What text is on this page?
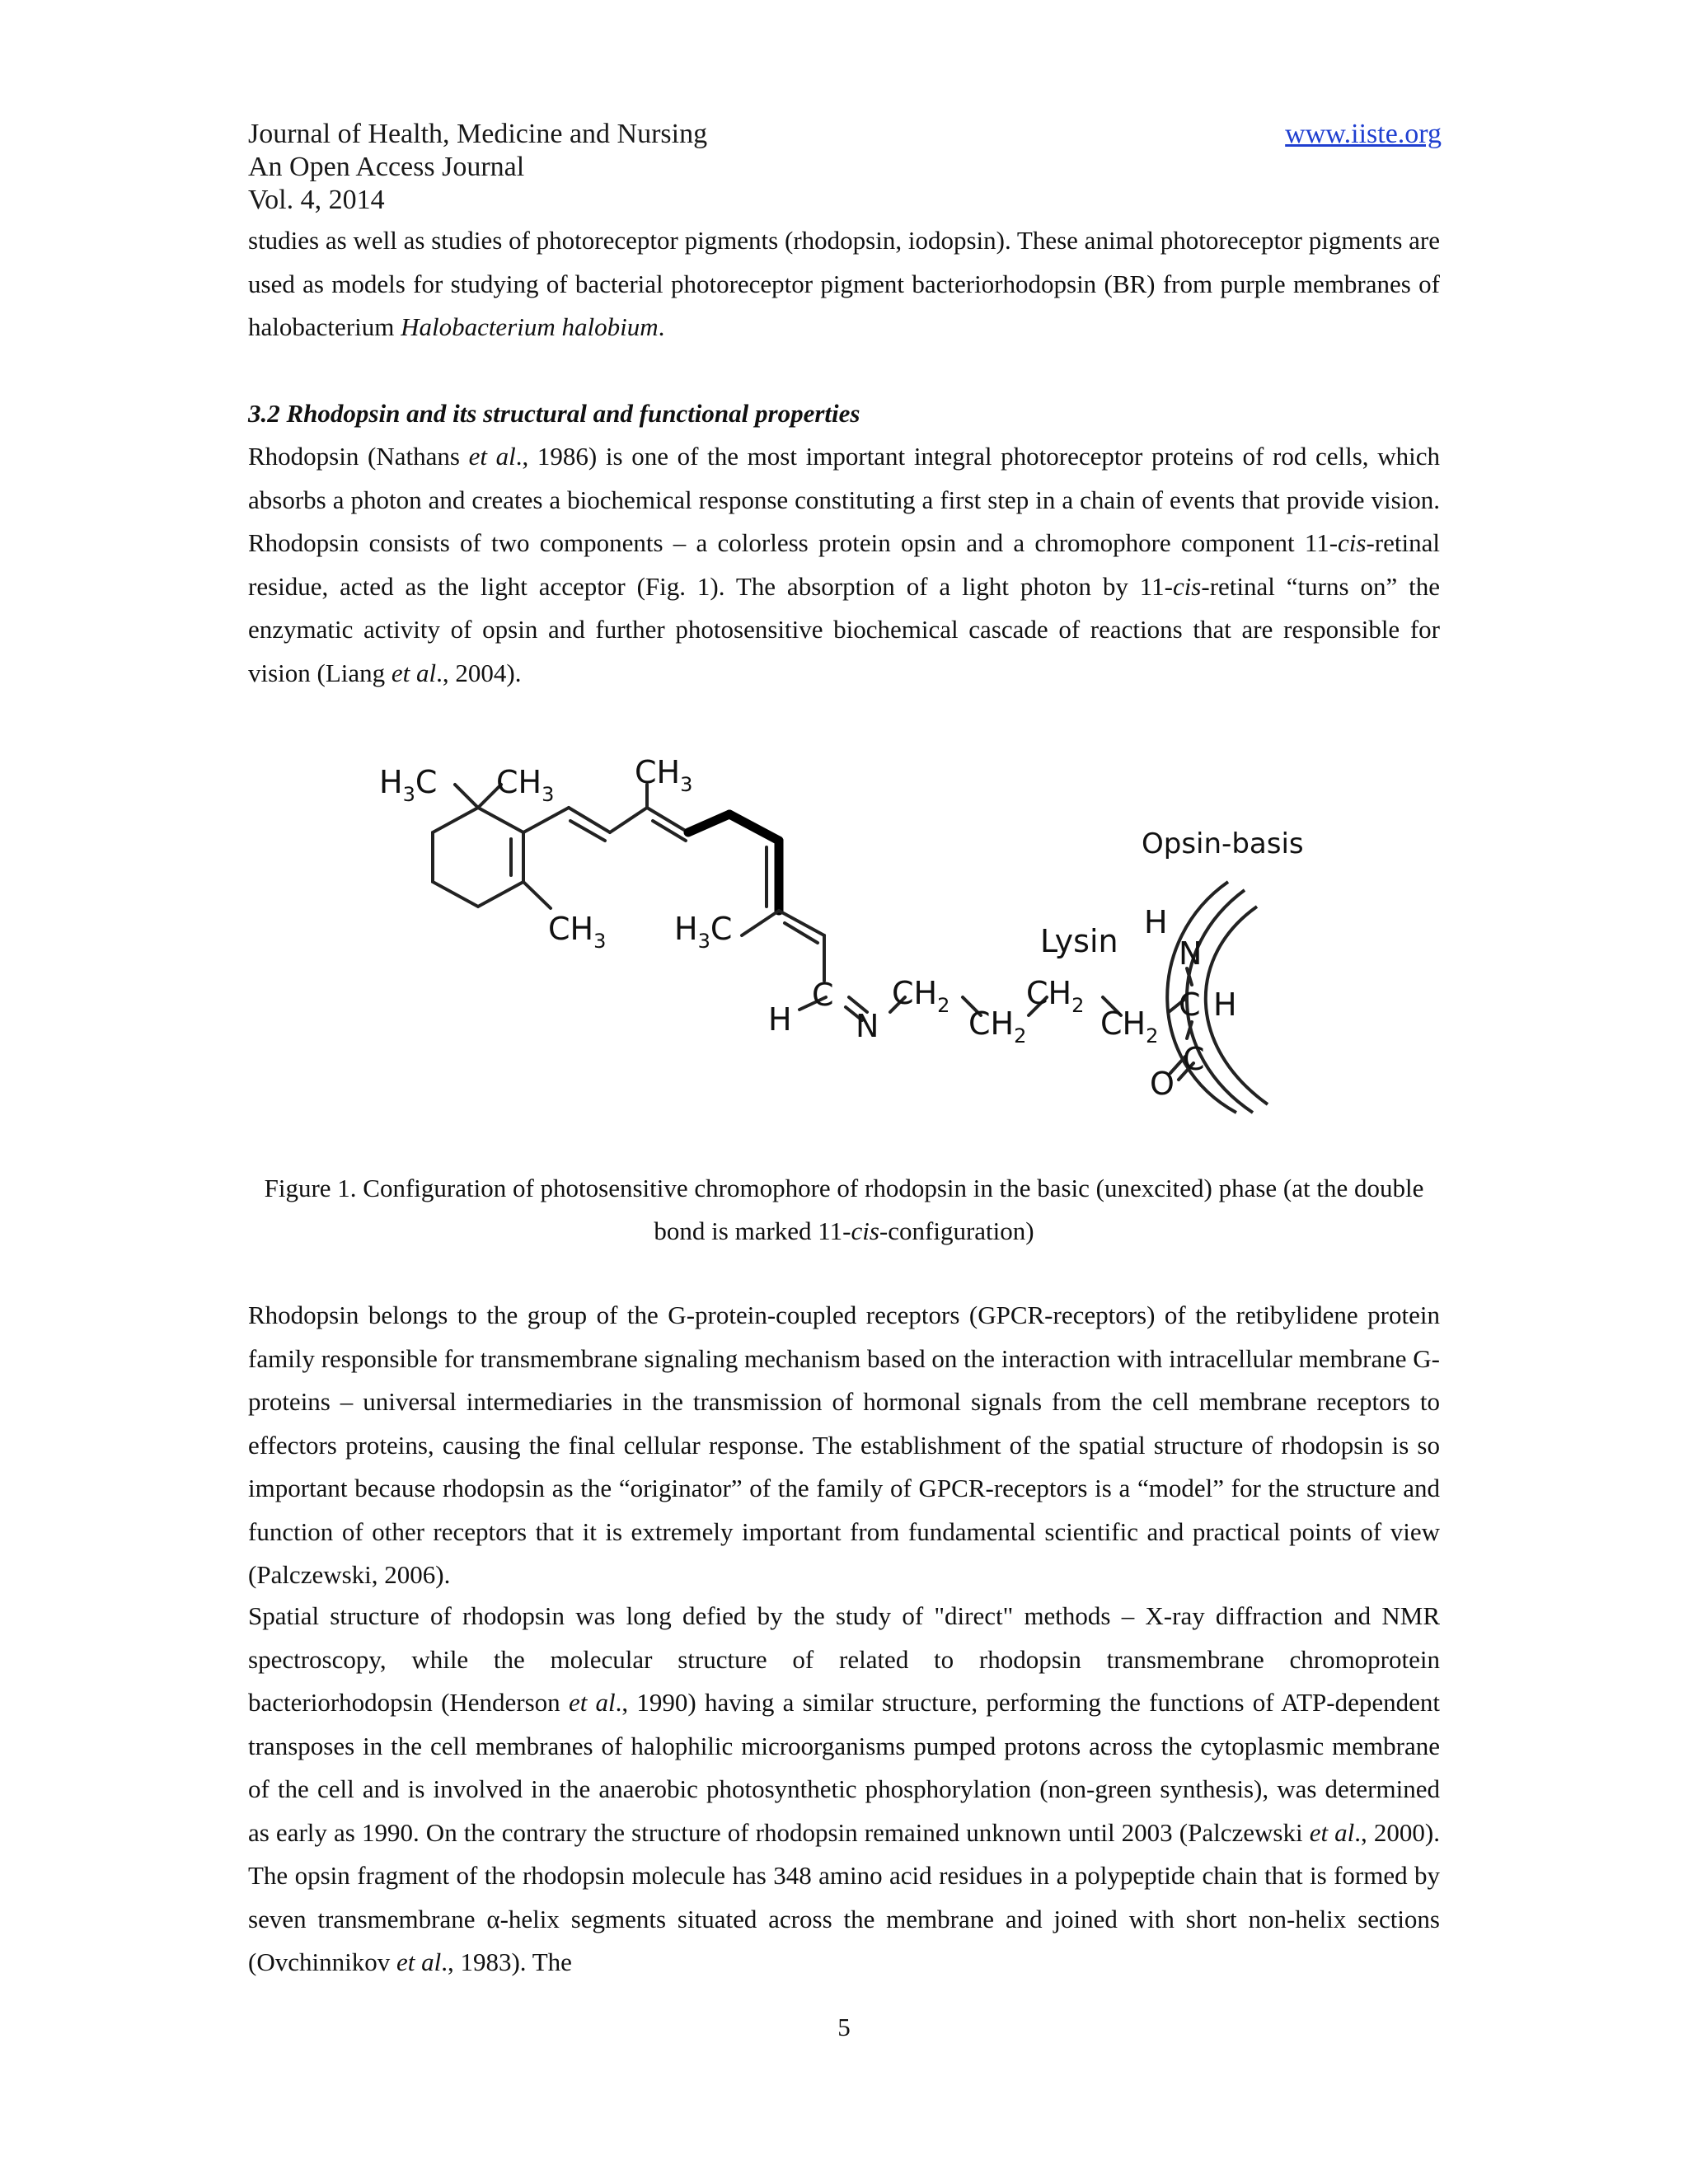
Journal of Health, Medicine and Nursing
An Open Access Journal
Vol. 4, 2014
www.iiste.org

studies as well as studies of photoreceptor pigments (rhodopsin, iodopsin). These animal photoreceptor pigments are used as models for studying of bacterial photoreceptor pigment bacteriorhodopsin (BR) from purple membranes of halobacterium Halobacterium halobium.

3.2 Rhodopsin and its structural and functional properties

Rhodopsin (Nathans et al., 1986) is one of the most important integral photoreceptor proteins of rod cells, which absorbs a photon and creates a biochemical response constituting a first step in a chain of events that provide vision. Rhodopsin consists of two components – a colorless protein opsin and a chromophore component 11-cis-retinal residue, acted as the light acceptor (Fig. 1). The absorption of a light photon by 11-cis-retinal “turns on” the enzymatic activity of opsin and further photosensitive biochemical cascade of reactions that are responsible for vision (Liang et al., 2004).

$H_3C$ $CH_3$
$CH_3$
$CH_3$ $H_3C$
H
C
N
$CH_2$ $CH_2$
$CH_2$ $CH_2$
Lysin
Opsin-basis
H
N
C H
C
O

Figure 1. Configuration of photosensitive chromophore of rhodopsin in the basic (unexcited) phase (at the double bond is marked 11-cis-configuration)

Rhodopsin belongs to the group of the G-protein-coupled receptors (GPCR-receptors) of the retibylidene protein family responsible for transmembrane signaling mechanism based on the interaction with intracellular membrane G-proteins – universal intermediaries in the transmission of hormonal signals from the cell membrane receptors to effectors proteins, causing the final cellular response. The establishment of the spatial structure of rhodopsin is so important because rhodopsin as the “originator” of the family of GPCR-receptors is a “model” for the structure and function of other receptors that it is extremely important from fundamental scientific and practical points of view (Palczewski, 2006).

Spatial structure of rhodopsin was long defied by the study of "direct" methods – X-ray diffraction and NMR spectroscopy, while the molecular structure of related to rhodopsin transmembrane chromoprotein bacteriorhodopsin (Henderson et al., 1990) having a similar structure, performing the functions of ATP-dependent transposes in the cell membranes of halophilic microorganisms pumped protons across the cytoplasmic membrane of the cell and is involved in the anaerobic photosynthetic phosphorylation (non-green synthesis), was determined as early as 1990. On the contrary the structure of rhodopsin remained unknown until 2003 (Palczewski et al., 2000). The opsin fragment of the rhodopsin molecule has 348 amino acid residues in a polypeptide chain that is formed by seven transmembrane α-helix segments situated across the membrane and joined with short non-helix sections (Ovchinnikov et al., 1983). The

5
